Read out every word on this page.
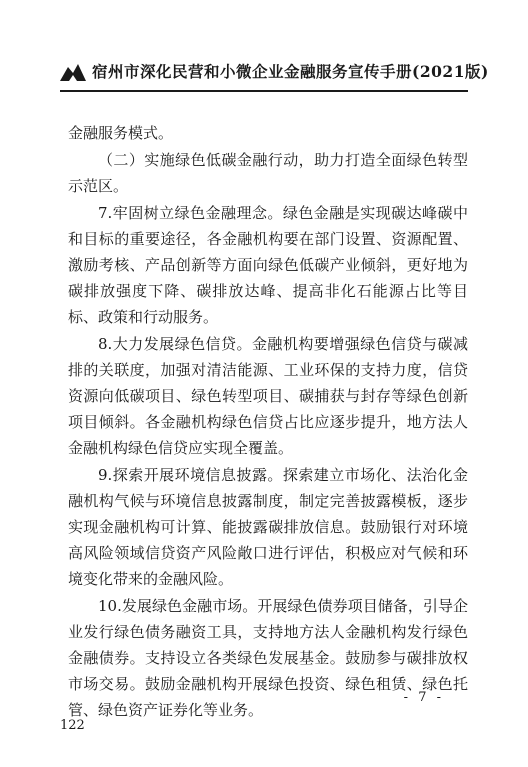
宿州市深化民营和小微企业金融服务宣传手册(2021版)

金融服务模式。

（二）实施绿色低碳金融行动，助力打造全面绿色转型示范区。

7.牢固树立绿色金融理念。绿色金融是实现碳达峰碳中和目标的重要途径，各金融机构要在部门设置、资源配置、激励考核、产品创新等方面向绿色低碳产业倾斜，更好地为碳排放强度下降、碳排放达峰、提高非化石能源占比等目标、政策和行动服务。

8.大力发展绿色信贷。金融机构要增强绿色信贷与碳减排的关联度，加强对清洁能源、工业环保的支持力度，信贷资源向低碳项目、绿色转型项目、碳捕获与封存等绿色创新项目倾斜。各金融机构绿色信贷占比应逐步提升，地方法人金融机构绿色信贷应实现全覆盖。

9.探索开展环境信息披露。探索建立市场化、法治化金融机构气候与环境信息披露制度，制定完善披露模板，逐步实现金融机构可计算、能披露碳排放信息。鼓励银行对环境高风险领域信贷资产风险敞口进行评估，积极应对气候和环境变化带来的金融风险。

10.发展绿色金融市场。开展绿色债券项目储备，引导企业发行绿色债务融资工具，支持地方法人金融机构发行绿色金融债券。支持设立各类绿色发展基金。鼓励参与碳排放权市场交易。鼓励金融机构开展绿色投资、绿色租赁、绿色托管、绿色资产证券化等业务。

- 7 -
122
